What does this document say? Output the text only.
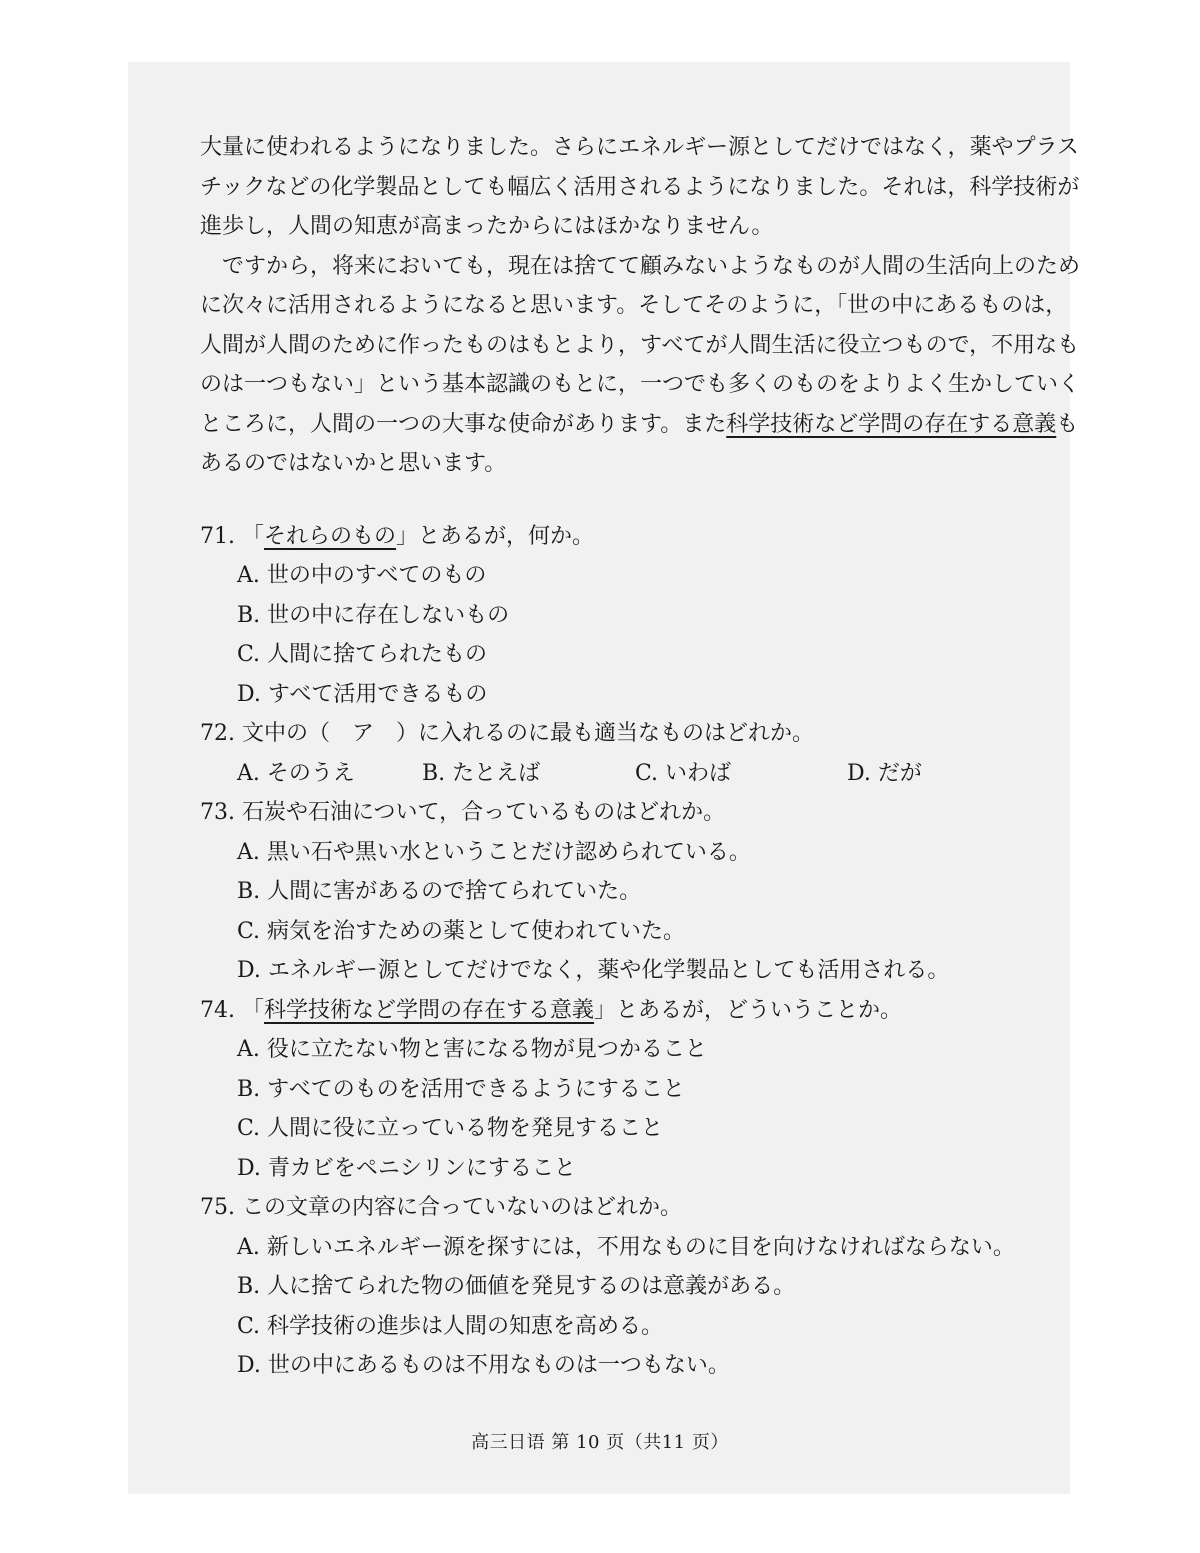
大量に使われるようになりました。さらにエネルギー源としてだけではなく，薬やプラス

チックなどの化学製品としても幅広く活用されるようになりました。それは，科学技術が

進歩し，人間の知恵が高まったからにはほかなりません。

ですから，将来においても，現在は捨てて顧みないようなものが人間の生活向上のため

に次々に活用されるようになると思います。そしてそのように，「世の中にあるものは，

人間が人間のために作ったものはもとより，すべてが人間生活に役立つもので，不用なも

のは一つもない」という基本認識のもとに，一つでも多くのものをよりよく生かしていく

ところに，人間の一つの大事な使命があります。また科学技術など学問の存在する意義も

あるのではないかと思います。

71. 「それらのもの」とあるが，何か。
A. 世の中のすべてのもの
B. 世の中に存在しないもの
C. 人間に捨てられたもの
D. すべて活用できるもの
72. 文中の（　ア　）に入れるのに最も適当なものはどれか。
A. そのうえ	B. たとえば	C. いわば	D. だが
73. 石炭や石油について，合っているものはどれか。
A. 黒い石や黒い水ということだけ認められている。
B. 人間に害があるので捨てられていた。
C. 病気を治すための薬として使われていた。
D. エネルギー源としてだけでなく，薬や化学製品としても活用される。
74. 「科学技術など学問の存在する意義」とあるが，どういうことか。
A. 役に立たない物と害になる物が見つかること
B. すべてのものを活用できるようにすること
C. 人間に役に立っている物を発見すること
D. 青カビをペニシリンにすること
75. この文章の内容に合っていないのはどれか。
A. 新しいエネルギー源を探すには，不用なものに目を向けなければならない。
B. 人に捨てられた物の価値を発見するのは意義がある。
C. 科学技術の進歩は人間の知恵を高める。
D. 世の中にあるものは不用なものは一つもない。
高三日语 第 10 页（共11 页）
